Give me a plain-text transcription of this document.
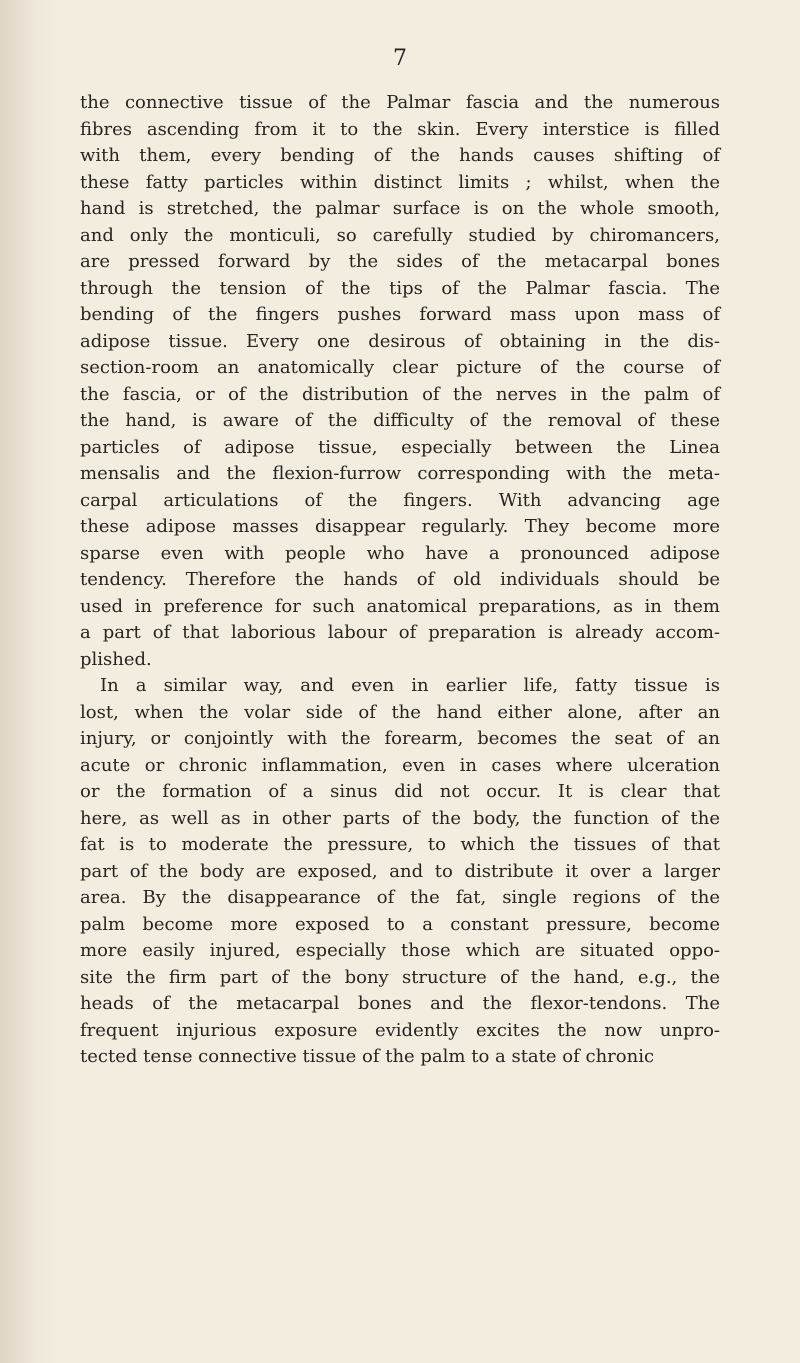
7

the connective tissue of the Palmar fascia and the numerous

fibres ascending from it to the skin. Every interstice is filled

with them, every bending of the hands causes shifting of

these fatty particles within distinct limits ; whilst, when the

hand is stretched, the palmar surface is on the whole smooth,

and only the monticuli, so carefully studied by chiromancers,

are pressed forward by the sides of the metacarpal bones

through the tension of the tips of the Palmar fascia. The

bending of the fingers pushes forward mass upon mass of

adipose tissue. Every one desirous of obtaining in the dis-

section-room an anatomically clear picture of the course of

the fascia, or of the distribution of the nerves in the palm of

the hand, is aware of the difficulty of the removal of these

particles of adipose tissue, especially between the Linea

mensalis and the flexion-furrow corresponding with the meta-

carpal articulations of the fingers. With advancing age

these adipose masses disappear regularly. They become more

sparse even with people who have a pronounced adipose

tendency. Therefore the hands of old individuals should be

used in preference for such anatomical preparations, as in them

a part of that laborious labour of preparation is already accom-

plished.

In a similar way, and even in earlier life, fatty tissue is

lost, when the volar side of the hand either alone, after an

injury, or conjointly with the forearm, becomes the seat of an

acute or chronic inflammation, even in cases where ulceration

or the formation of a sinus did not occur. It is clear that

here, as well as in other parts of the body, the function of the

fat is to moderate the pressure, to which the tissues of that

part of the body are exposed, and to distribute it over a larger

area. By the disappearance of the fat, single regions of the

palm become more exposed to a constant pressure, become

more easily injured, especially those which are situated oppo-

site the firm part of the bony structure of the hand, e.g., the

heads of the metacarpal bones and the flexor-tendons. The

frequent injurious exposure evidently excites the now unpro-

tected tense connective tissue of the palm to a state of chronic
